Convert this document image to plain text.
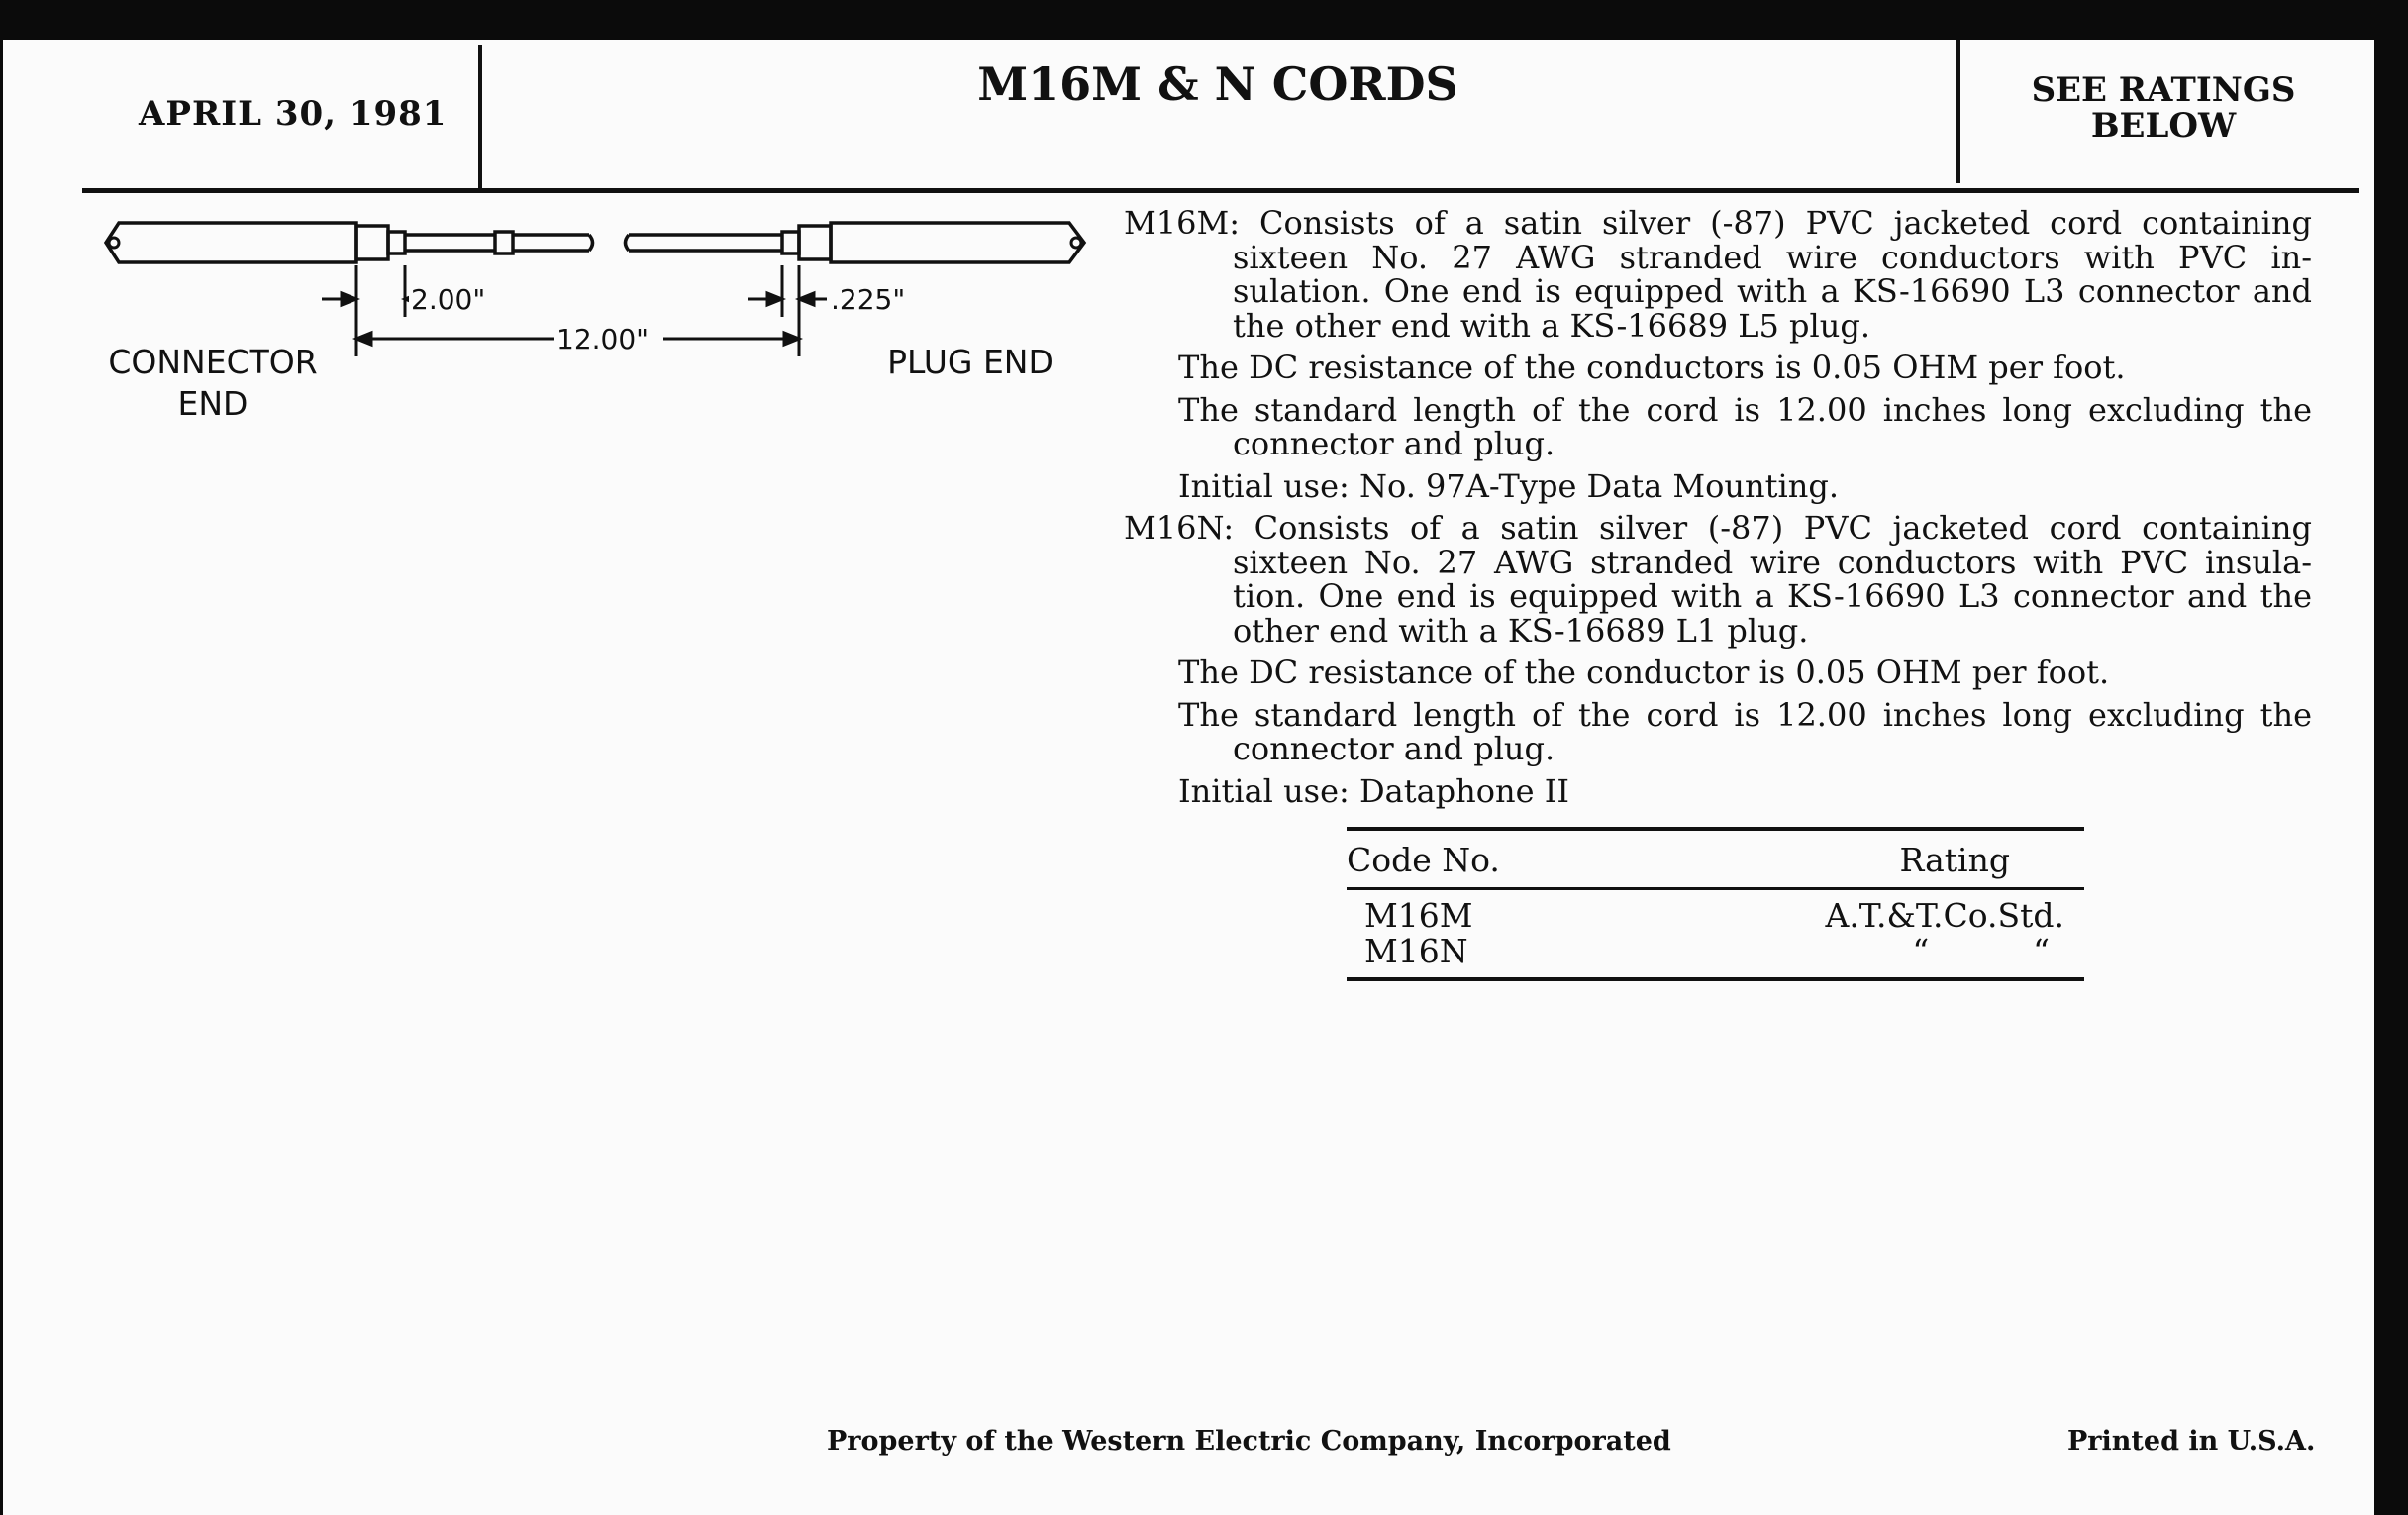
APRIL 30, 1981
M16M & N CORDS	SEE RATINGS
BELOW
2.00"
12.00"
.225"
CONNECTOR
END
PLUG END

M16M: Consists of a satin silver (-87) PVC jacketed cord containing sixteen No. 27 AWG stranded wire conductors with PVC insulation. One end is equipped with a KS-16690 L3 connector and the other end with a KS-16689 L5 plug.

The DC resistance of the conductors is 0.05 OHM per foot.

The standard length of the cord is 12.00 inches long excluding the connector and plug.

Initial use: No. 97A-Type Data Mounting.

M16N: Consists of a satin silver (-87) PVC jacketed cord containing sixteen No. 27 AWG stranded wire conductors with PVC insulation. One end is equipped with a KS-16690 L3 connector and the other end with a KS-16689 L1 plug.

The DC resistance of the conductor is 0.05 OHM per foot.

The standard length of the cord is 12.00 inches long excluding the connector and plug.

Initial use: Dataphone II

Code No.	Rating
M16M	A.T.&T.Co.Std.
M16N	“          “
Property of the Western Electric Company, Incorporated	Printed in U.S.A.
